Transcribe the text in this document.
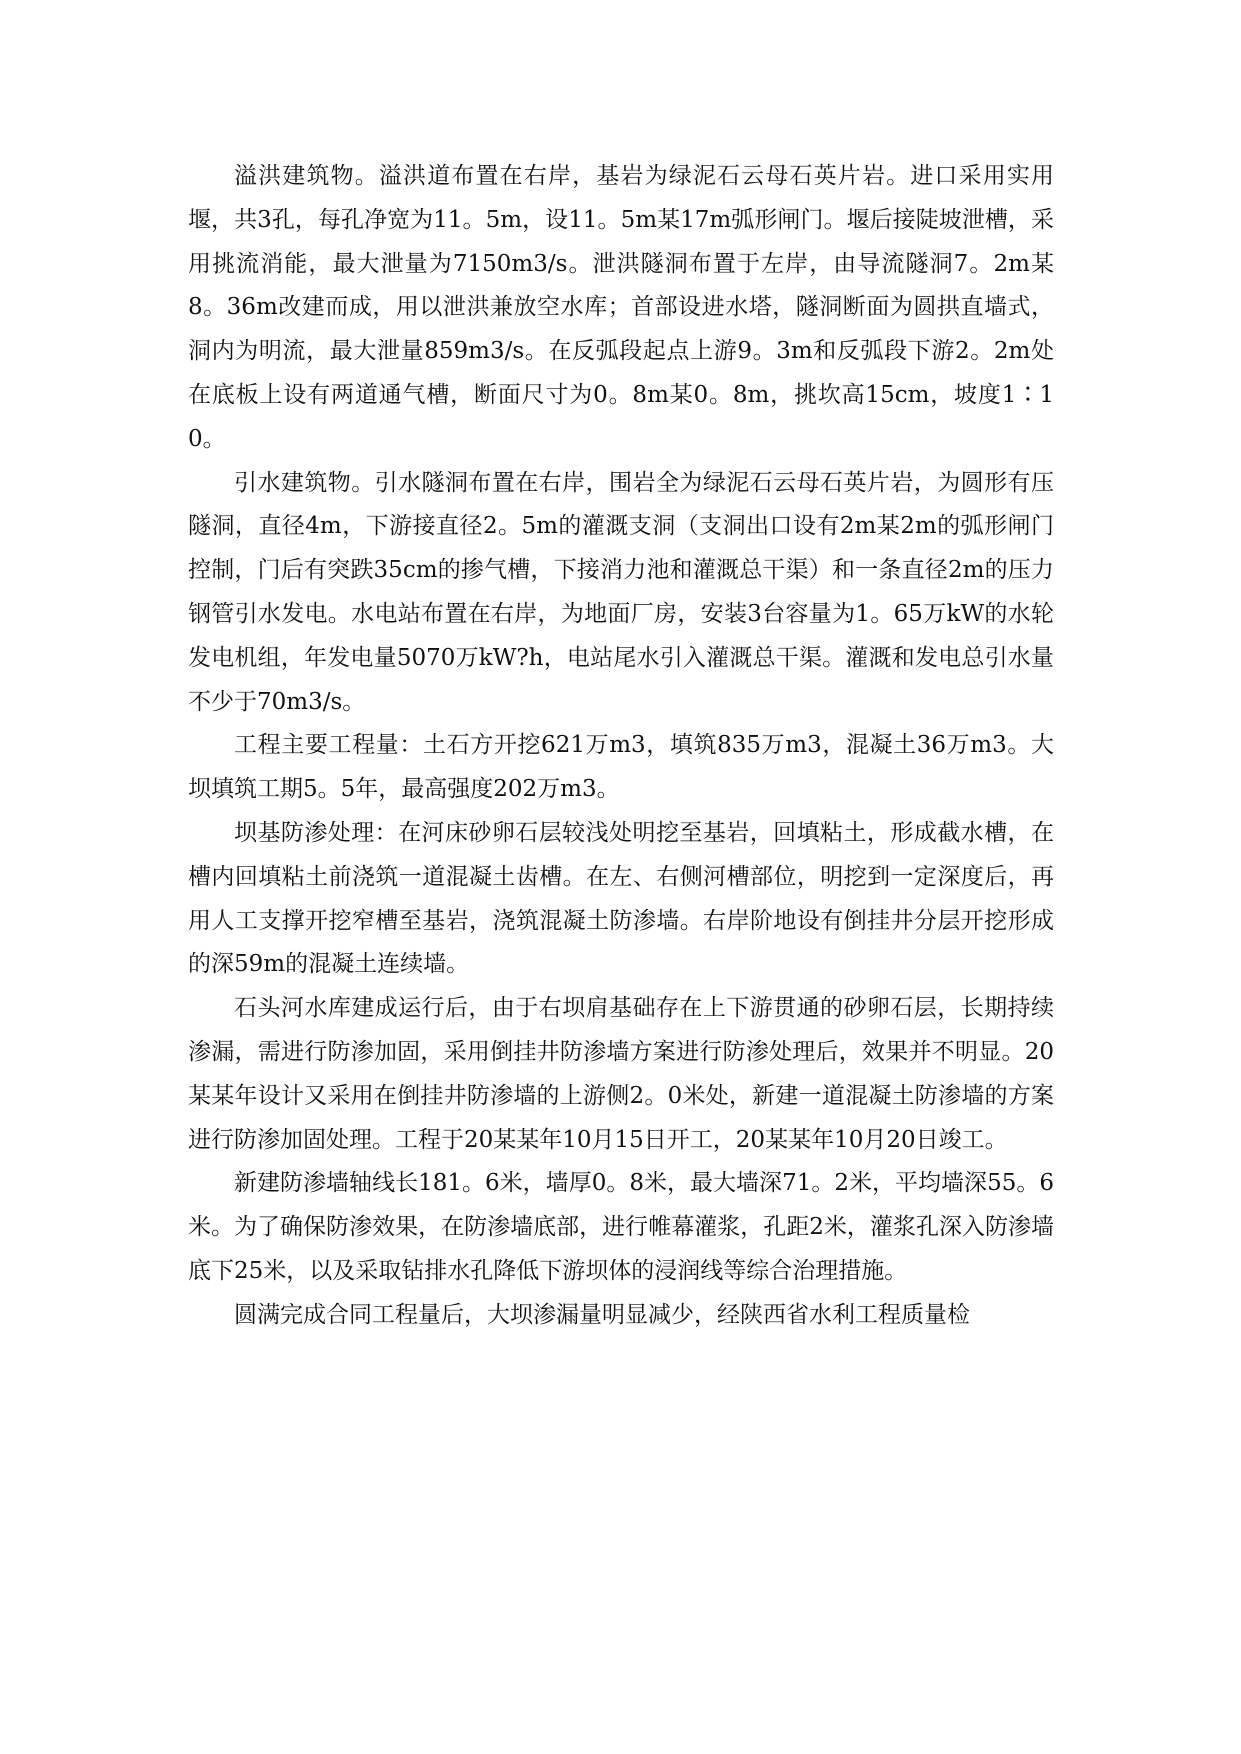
溢洪建筑物。溢洪道布置在右岸，基岩为绿泥石云母石英片岩。进口采用实用堰，共3孔，每孔净宽为11。5m，设11。5m某17m弧形闸门。堰后接陡坡泄槽，采用挑流消能，最大泄量为7150m3/s。泄洪隧洞布置于左岸，由导流隧洞7。2m某8。36m改建而成，用以泄洪兼放空水库；首部设进水塔，隧洞断面为圆拱直墙式，洞内为明流，最大泄量859m3/s。在反弧段起点上游9。3m和反弧段下游2。2m处在底板上设有两道通气槽，断面尺寸为0。8m某0。8m，挑坎高15cm，坡度1∶10。

引水建筑物。引水隧洞布置在右岸，围岩全为绿泥石云母石英片岩，为圆形有压隧洞，直径4m，下游接直径2。5m的灌溉支洞（支洞出口设有2m某2m的弧形闸门控制，门后有突跌35cm的掺气槽，下接消力池和灌溉总干渠）和一条直径2m的压力钢管引水发电。水电站布置在右岸，为地面厂房，安装3台容量为1。65万kW的水轮发电机组，年发电量5070万kW?h，电站尾水引入灌溉总干渠。灌溉和发电总引水量不少于70m3/s。

工程主要工程量：土石方开挖621万m3，填筑835万m3，混凝土36万m3。大坝填筑工期5。5年，最高强度202万m3。

坝基防渗处理：在河床砂卵石层较浅处明挖至基岩，回填粘土，形成截水槽，在槽内回填粘土前浇筑一道混凝土齿槽。在左、右侧河槽部位，明挖到一定深度后，再用人工支撑开挖窄槽至基岩，浇筑混凝土防渗墙。右岸阶地设有倒挂井分层开挖形成的深59m的混凝土连续墙。

石头河水库建成运行后，由于右坝肩基础存在上下游贯通的砂卵石层，长期持续渗漏，需进行防渗加固，采用倒挂井防渗墙方案进行防渗处理后，效果并不明显。20某某年设计又采用在倒挂井防渗墙的上游侧2。0米处，新建一道混凝土防渗墙的方案进行防渗加固处理。工程于20某某年10月15日开工，20某某年10月20日竣工。

新建防渗墙轴线长181。6米，墙厚0。8米，最大墙深71。2米，平均墙深55。6米。为了确保防渗效果，在防渗墙底部，进行帷幕灌浆，孔距2米，灌浆孔深入防渗墙底下25米，以及采取钻排水孔降低下游坝体的浸润线等综合治理措施。

圆满完成合同工程量后，大坝渗漏量明显减少，经陕西省水利工程质量检
